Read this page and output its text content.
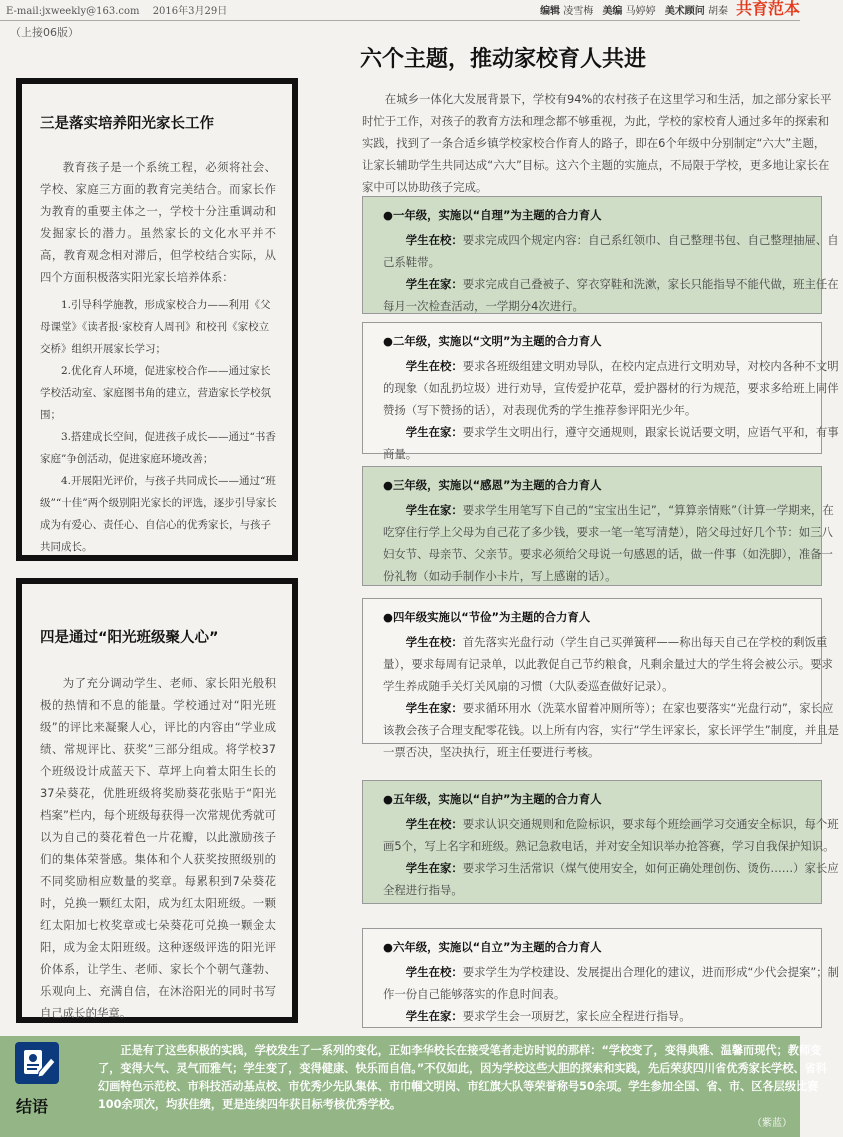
E-mail:jxweekly@163.com 2016年3月29日	编辑 凌雪梅 美编 马婷婷 美术顾问 胡秦 共育范本
（上接06版）
三是落实培养阳光家长工作

教育孩子是一个系统工程，必须将社会、学校、家庭三方面的教育完美结合。而家长作为教育的重要主体之一，学校十分注重调动和发掘家长的潜力。虽然家长的文化水平并不高，教育观念相对滞后，但学校结合实际，从四个方面积极落实阳光家长培养体系：

1.引导科学施教，形成家校合力——利用《父母课堂》《读者报·家校育人周刊》和校刊《家校立交桥》组织开展家长学习；

2.优化育人环境，促进家校合作——通过家长学校活动室、家庭图书角的建立，营造家长学校氛围；

3.搭建成长空间，促进孩子成长——通过“书香家庭”争创活动，促进家庭环境改善；

4.开展阳光评价，与孩子共同成长——通过“班级”“十佳”两个级别阳光家长的评选，逐步引导家长成为有爱心、责任心、自信心的优秀家长，与孩子共同成长。

四是通过“阳光班级聚人心”

为了充分调动学生、老师、家长阳光般积极的热情和不息的能量。学校通过对“阳光班级”的评比来凝聚人心，评比的内容由“学业成绩、常规评比、获奖”三部分组成。将学校37个班级设计成蓝天下、草坪上向着太阳生长的37朵葵花，优胜班级将奖励葵花张贴于“阳光档案”栏内，每个班级每获得一次常规优秀就可以为自己的葵花着色一片花瓣，以此激励孩子们的集体荣誉感。集体和个人获奖按照级别的不同奖励相应数量的奖章。每累积到7朵葵花时，兑换一颗红太阳，成为红太阳班级。一颗红太阳加七枚奖章或七朵葵花可兑换一颗金太阳，成为金太阳班级。这种逐级评选的阳光评价体系，让学生、老师、家长个个朝气蓬勃、乐观向上、充满自信，在沐浴阳光的同时书写自己成长的华章。

六个主题，推动家校育人共进

在城乡一体化大发展背景下，学校有94%的农村孩子在这里学习和生活，加之部分家长平时忙于工作，对孩子的教育方法和理念都不够重视，为此，学校的家校育人通过多年的探索和实践，找到了一条合适乡镇学校家校合作育人的路子，即在6个年级中分别制定“六大”主题，让家长辅助学生共同达成“六大”目标。这六个主题的实施点，不局限于学校，更多地让家长在家中可以协助孩子完成。

●一年级，实施以“自理”为主题的合力育人

学生在校：要求完成四个规定内容：自己系红领巾、自己整理书包、自己整理抽屉、自己系鞋带。

学生在家：要求完成自己叠被子、穿衣穿鞋和洗漱，家长只能指导不能代做，班主任在每月一次检查活动，一学期分4次进行。

●二年级，实施以“文明”为主题的合力育人

学生在校：要求各班级组建文明劝导队，在校内定点进行文明劝导，对校内各种不文明的现象（如乱扔垃圾）进行劝导，宣传爱护花草，爱护器材的行为规范，要求多给班上同伴赞扬（写下赞扬的话），对表现优秀的学生推荐参评阳光少年。

学生在家：要求学生文明出行，遵守交通规则，跟家长说话要文明，应语气平和，有事商量。

●三年级，实施以“感恩”为主题的合力育人

学生在家：要求学生用笔写下自己的“宝宝出生记”，“算算亲情账”（计算一学期来，在吃穿住行学上父母为自己花了多少钱，要求一笔一笔写清楚），陪父母过好几个节：如三八妇女节、母亲节、父亲节。要求必须给父母说一句感恩的话，做一件事（如洗脚），准备一份礼物（如动手制作小卡片，写上感谢的话）。

●四年级实施以“节俭”为主题的合力育人

学生在校：首先落实光盘行动（学生自己买弹簧秤——称出每天自己在学校的剩饭重量），要求每周有记录单，以此教促自己节约粮食，凡剩余量过大的学生将会被公示。要求学生养成随手关灯关风扇的习惯（大队委巡查做好记录）。

学生在家：要求循环用水（洗菜水留着冲厕所等）；在家也要落实“光盘行动”，家长应该教会孩子合理支配零花钱。以上所有内容，实行“学生评家长，家长评学生”制度，并且是一票否决，坚决执行，班主任要进行考核。

●五年级，实施以“自护”为主题的合力育人

学生在校：要求认识交通规则和危险标识，要求每个班绘画学习交通安全标识，每个班画5个，写上名字和班级。熟记急救电话，并对安全知识举办抢答赛，学习自我保护知识。

学生在家：要求学习生活常识（煤气使用安全，如何正确处理创伤、烫伤……）家长应全程进行指导。

●六年级，实施以“自立”为主题的合力育人

学生在校：要求学生为学校建设、发展提出合理化的建议，进而形成“少代会提案”；制作一份自己能够落实的作息时间表。

学生在家：要求学生会一项厨艺，家长应全程进行指导。

结语

正是有了这些积极的实践，学校发生了一系列的变化，正如李华校长在接受笔者走访时说的那样：“学校变了，变得典雅、温馨而现代；教师变了，变得大气、灵气而雅气；学生变了，变得健康、快乐而自信。”不仅如此，因为学校这些大胆的探索和实践，先后荣获四川省优秀家长学校、省科幻画特色示范校、市科技活动基点校、市优秀少先队集体、市巾帼文明岗、市红旗大队等荣誉称号50余项。学生参加全国、省、市、区各层级比赛100余项次，均获佳绩，更是连续四年获目标考核优秀学校。

（紫蓝）
